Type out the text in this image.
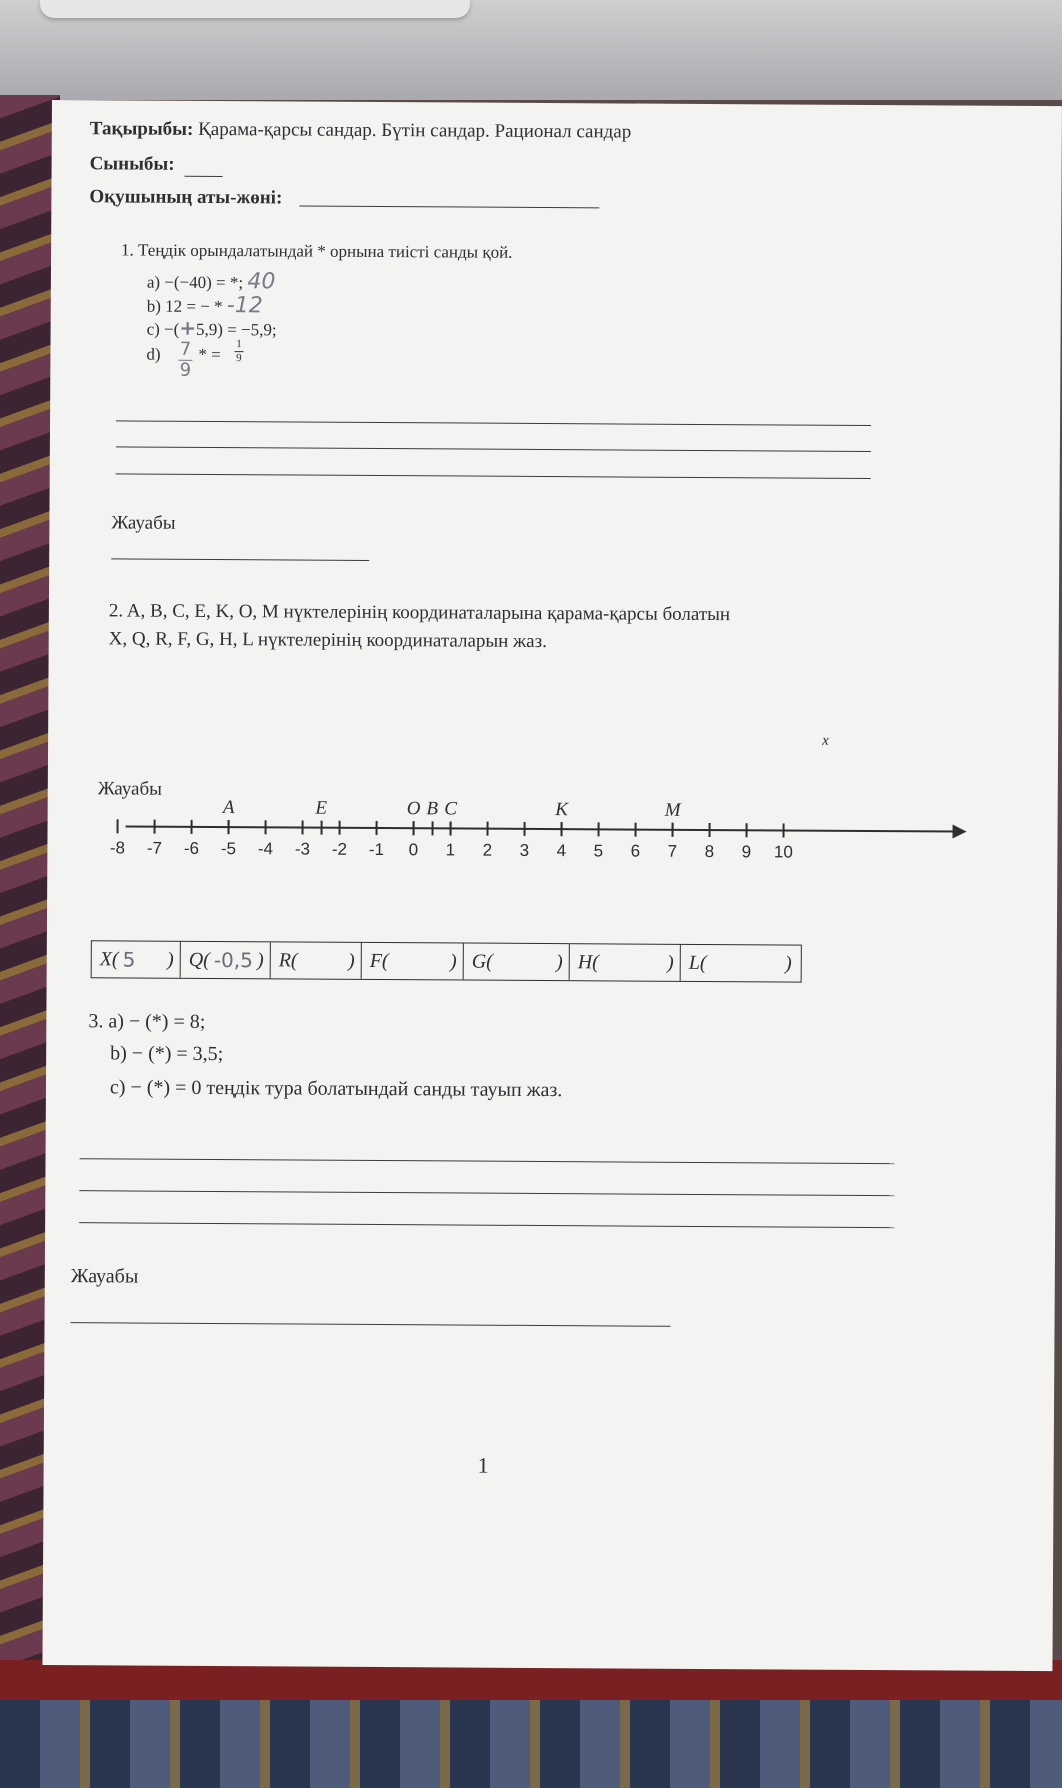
Тақырыбы: Қарама-қарсы сандар. Бүтін сандар. Рационал сандар
Сыныбы:
Оқушының аты-жөні:
1. Теңдік орындалатындай * орнына тиісті санды қой.
a) −(−40) = *; 40
b) 12 = − * -12
c) −(+5,9) = −5,9;
d) 7
9
* =
1
9
Жауабы
2. A, B, C, E, K, O, M нүктелерінің координаталарына қарама-қарсы болатын
X, Q, R, F, G, H, L нүктелерінің координаталарын жаз.
x
-8 -7 -6 -5 -4 -3 -2 -1 0 1 2 3 4 5 6 7 8 9 10
A	E	O B C	K	M
Жауабы
X( 5	) Q( -0,5 ) R(	) F(	) G(	) H(	) L(	)
3. a) − (*) = 8;
b) − (*) = 3,5;
c) − (*) = 0 теңдік тура болатындай санды тауып жаз.
Жауабы
1
